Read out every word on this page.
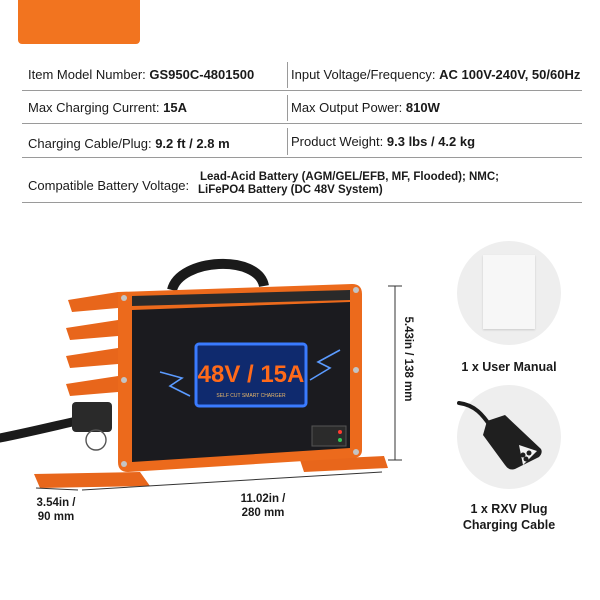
Item Model Number: GS950C-4801500	Input Voltage/Frequency: AC 100V-240V, 50/60Hz
Max Charging Current: 15A	Max Output Power: 810W
Charging Cable/Plug: 9.2 ft / 2.8 m	Product Weight: 9.3 lbs / 4.2 kg
Compatible Battery Voltage:
Lead-Acid Battery (AGM/GEL/EFB, MF, Flooded); NMC;
LiFePO4 Battery (DC 48V System)
48V / 15A
SELF CUT SMART CHARGER
3.54in /
90 mm
11.02in /
280 mm
5.43in / 138 mm	1 x User Manual
1 x RXV Plug
Charging Cable
